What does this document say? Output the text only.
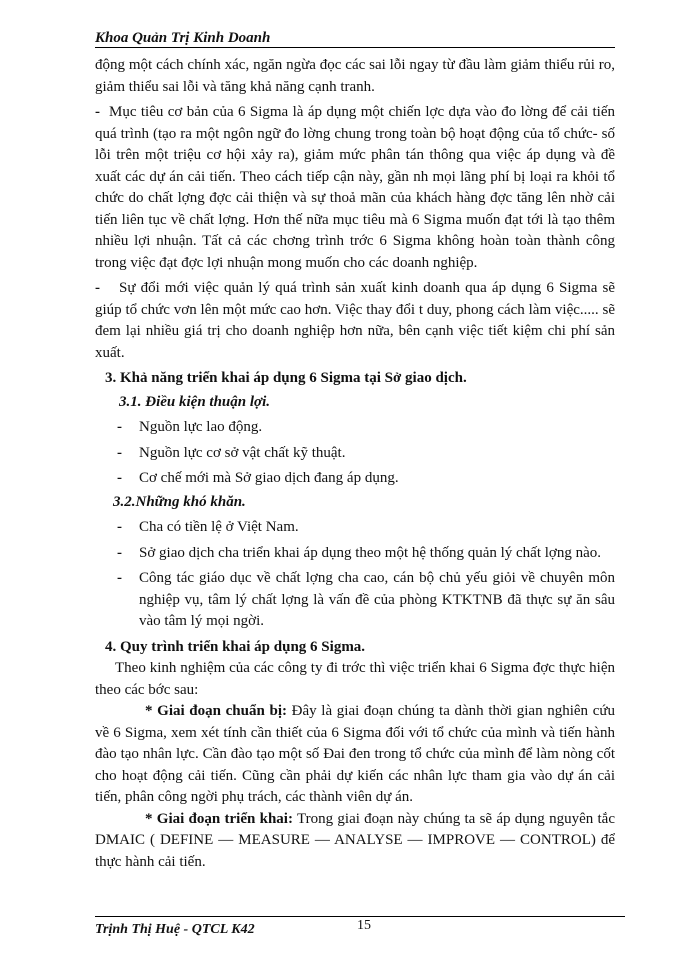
Khoa Quản Trị Kinh Doanh

động một cách chính xác, ngăn ngừa đọc các sai lỗi ngay từ đầu làm giảm thiểu rủi ro, giảm thiểu sai lỗi và tăng khả năng cạnh tranh.

- Mục tiêu cơ bản của 6 Sigma là áp dụng một chiến lợc dựa vào đo lờng để cải tiến quá trình (tạo ra một ngôn ngữ đo lờng chung trong toàn bộ hoạt động của tổ chức- số lỗi trên một triệu cơ hội xảy ra), giảm mức phân tán thông qua việc áp dụng và đề xuất các dự án cải tiến. Theo cách tiếp cận này, gần nh mọi lãng phí bị loại ra khỏi tổ chức do chất lợng đợc cải thiện và sự thoả mãn của khách hàng đợc tăng lên nhờ cải tiến liên tục về chất lợng. Hơn thế nữa mục tiêu mà 6 Sigma muốn đạt tới là tạo thêm nhiều lợi nhuận. Tất cả các chơng trình trớc 6 Sigma không hoàn toàn thành công trong việc đạt đợc lợi nhuận mong muốn cho các doanh nghiệp.

- Sự đổi mới việc quản lý quá trình sản xuất kinh doanh qua áp dụng 6 Sigma sẽ giúp tổ chức vơn lên một mức cao hơn. Việc thay đổi t duy, phong cách làm việc..... sẽ đem lại nhiều giá trị cho doanh nghiệp hơn nữa, bên cạnh việc tiết kiệm chi phí sản xuất.

3. Khả năng triển khai áp dụng 6 Sigma tại Sở giao dịch.
3.1. Điều kiện thuận lợi.
- Nguồn lực lao động.
- Nguồn lực cơ sở vật chất kỹ thuật.
- Cơ chế mới mà Sở giao dịch đang áp dụng.
3.2.Những khó khăn.
- Cha có tiền lệ ở Việt Nam.
- Sở giao dịch cha triển khai áp dụng theo một hệ thống quản lý chất lợng nào.
- Công tác giáo dục về chất lợng cha cao, cán bộ chủ yếu giỏi về chuyên môn nghiệp vụ, tâm lý chất lợng là vấn đề của phòng KTKTNB đã thực sự ăn sâu vào tâm lý mọi ngời.
4. Quy trình triển khai áp dụng 6 Sigma.

Theo kinh nghiệm của các công ty đi trớc thì việc triển khai 6 Sigma đợc thực hiện theo các bớc sau:

* Giai đoạn chuẩn bị: Đây là giai đoạn chúng ta dành thời gian nghiên cứu về 6 Sigma, xem xét tính cần thiết của 6 Sigma đối với tổ chức của mình và tiến hành đào tạo nhân lực. Cần đào tạo một số Đai đen trong tổ chức của mình để làm nòng cốt cho hoạt động cải tiến. Cũng cần phải dự kiến các nhân lực tham gia vào dự án cải tiến, phân công ngời phụ trách, các thành viên dự án.

* Giai đoạn triển khai: Trong giai đoạn này chúng ta sẽ áp dụng nguyên tắc DMAIC ( DEFINE — MEASURE — ANALYSE — IMPROVE — CONTROL) để thực hành cải tiến.

Trịnh Thị Huệ - QTCL K42	15
